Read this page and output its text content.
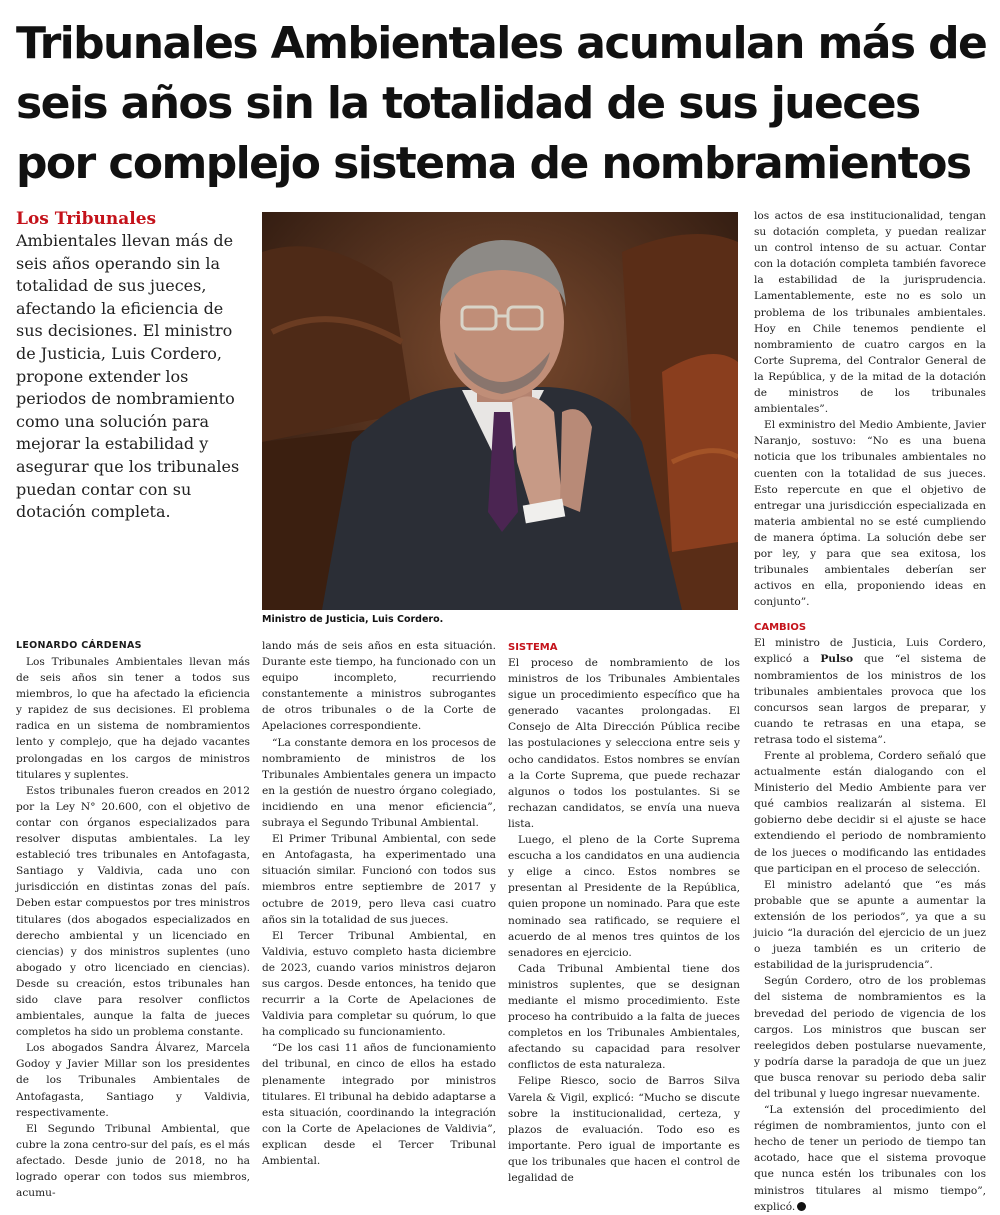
Tribunales Ambientales acumulan más de seis años sin la totalidad de sus jueces por complejo sistema de nombramientos
Los Tribunales
Ambientales llevan más de seis años operando sin la totalidad de sus jueces, afectando la eficiencia de sus decisiones. El ministro de Justicia, Luis Cordero, propone extender los periodos de nombramiento como una solución para mejorar la estabilidad y asegurar que los tribunales puedan contar con su dotación completa.
Ministro de Justicia, Luis Cordero.
LEONARDO CÁRDENAS

Los Tribunales Ambientales llevan más de seis años sin tener a todos sus miembros, lo que ha afectado la eficiencia y rapidez de sus decisiones. El problema radica en un sistema de nombramientos lento y complejo, que ha dejado vacantes prolongadas en los cargos de ministros titulares y suplentes.

Estos tribunales fueron creados en 2012 por la Ley N° 20.600, con el objetivo de contar con órganos especializados para resolver disputas ambientales. La ley estableció tres tribunales en Antofagasta, Santiago y Valdivia, cada uno con jurisdicción en distintas zonas del país. Deben estar compuestos por tres ministros titulares (dos abogados especializados en derecho ambiental y un licenciado en ciencias) y dos ministros suplentes (uno abogado y otro licenciado en ciencias). Desde su creación, estos tribunales han sido clave para resolver conflictos ambientales, aunque la falta de jueces completos ha sido un problema constante.

Los abogados Sandra Álvarez, Marcela Godoy y Javier Millar son los presidentes de los Tribunales Ambientales de Antofagasta, Santiago y Valdivia, respectivamente.

El Segundo Tribunal Ambiental, que cubre la zona centro-sur del país, es el más afectado. Desde junio de 2018, no ha logrado operar con todos sus miembros, acumu-

lando más de seis años en esta situación. Durante este tiempo, ha funcionado con un equipo incompleto, recurriendo constantemente a ministros subrogantes de otros tribunales o de la Corte de Apelaciones correspondiente.

“La constante demora en los procesos de nombramiento de ministros de los Tribunales Ambientales genera un impacto en la gestión de nuestro órgano colegiado, incidiendo en una menor eficiencia”, subraya el Segundo Tribunal Ambiental.

El Primer Tribunal Ambiental, con sede en Antofagasta, ha experimentado una situación similar. Funcionó con todos sus miembros entre septiembre de 2017 y octubre de 2019, pero lleva casi cuatro años sin la totalidad de sus jueces.

El Tercer Tribunal Ambiental, en Valdivia, estuvo completo hasta diciembre de 2023, cuando varios ministros dejaron sus cargos. Desde entonces, ha tenido que recurrir a la Corte de Apelaciones de Valdivia para completar su quórum, lo que ha complicado su funcionamiento.

“De los casi 11 años de funcionamiento del tribunal, en cinco de ellos ha estado plenamente integrado por ministros titulares. El tribunal ha debido adaptarse a esta situación, coordinando la integración con la Corte de Apelaciones de Valdivia”, explican desde el Tercer Tribunal Ambiental.

SISTEMA

El proceso de nombramiento de los ministros de los Tribunales Ambientales sigue un procedimiento específico que ha generado vacantes prolongadas. El Consejo de Alta Dirección Pública recibe las postulaciones y selecciona entre seis y ocho candidatos. Estos nombres se envían a la Corte Suprema, que puede rechazar algunos o todos los postulantes. Si se rechazan candidatos, se envía una nueva lista.

Luego, el pleno de la Corte Suprema escucha a los candidatos en una audiencia y elige a cinco. Estos nombres se presentan al Presidente de la República, quien propone un nominado. Para que este nominado sea ratificado, se requiere el acuerdo de al menos tres quintos de los senadores en ejercicio.

Cada Tribunal Ambiental tiene dos ministros suplentes, que se designan mediante el mismo procedimiento. Este proceso ha contribuido a la falta de jueces completos en los Tribunales Ambientales, afectando su capacidad para resolver conflictos de esta naturaleza.

Felipe Riesco, socio de Barros Silva Varela & Vigil, explicó: “Mucho se discute sobre la institucionalidad, certeza, y plazos de evaluación. Todo eso es importante. Pero igual de importante es que los tribunales que hacen el control de legalidad de

los actos de esa institucionalidad, tengan su dotación completa, y puedan realizar un control intenso de su actuar. Contar con la dotación completa también favorece la estabilidad de la jurisprudencia. Lamentablemente, este no es solo un problema de los tribunales ambientales. Hoy en Chile tenemos pendiente el nombramiento de cuatro cargos en la Corte Suprema, del Contralor General de la República, y de la mitad de la dotación de ministros de los tribunales ambientales”.

El exministro del Medio Ambiente, Javier Naranjo, sostuvo: “No es una buena noticia que los tribunales ambientales no cuenten con la totalidad de sus jueces. Esto repercute en que el objetivo de entregar una jurisdicción especializada en materia ambiental no se esté cumpliendo de manera óptima. La solución debe ser por ley, y para que sea exitosa, los tribunales ambientales deberían ser activos en ella, proponiendo ideas en conjunto”.

CAMBIOS

El ministro de Justicia, Luis Cordero, explicó a Pulso que “el sistema de nombramientos de los ministros de los tribunales ambientales provoca que los concursos sean largos de preparar, y cuando te retrasas en una etapa, se retrasa todo el sistema”.

Frente al problema, Cordero señaló que actualmente están dialogando con el Ministerio del Medio Ambiente para ver qué cambios realizarán al sistema. El gobierno debe decidir si el ajuste se hace extendiendo el periodo de nombramiento de los jueces o modificando las entidades que participan en el proceso de selección.

El ministro adelantó que “es más probable que se apunte a aumentar la extensión de los periodos”, ya que a su juicio “la duración del ejercicio de un juez o jueza también es un criterio de estabilidad de la jurisprudencia”.

Según Cordero, otro de los problemas del sistema de nombramientos es la brevedad del periodo de vigencia de los cargos. Los ministros que buscan ser reelegidos deben postularse nuevamente, y podría darse la paradoja de que un juez que busca renovar su periodo deba salir del tribunal y luego ingresar nuevamente.

“La extensión del procedimiento del régimen de nombramientos, junto con el hecho de tener un periodo de tiempo tan acotado, hace que el sistema provoque que nunca estén los tribunales con los ministros titulares al mismo tiempo”, explicó.
